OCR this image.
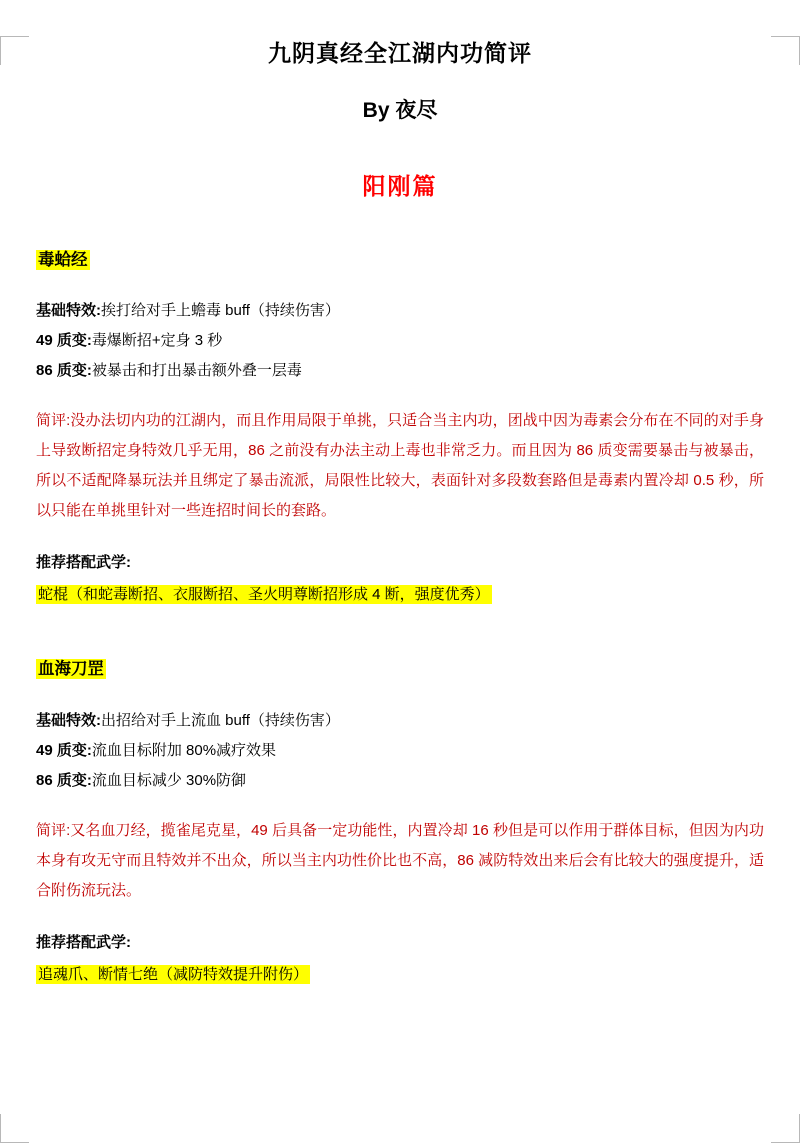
九阴真经全江湖内功简评
By 夜尽
阳刚篇
毒蛤经
基础特效:挨打给对手上蟾毒 buff（持续伤害）
49 质变:毒爆断招+定身 3 秒
86 质变:被暴击和打出暴击额外叠一层毒
简评:没办法切内功的江湖内，而且作用局限于单挑，只适合当主内功，团战中因为毒素会分布在不同的对手身上导致断招定身特效几乎无用，86 之前没有办法主动上毒也非常乏力。而且因为 86 质变需要暴击与被暴击，所以不适配降暴玩法并且绑定了暴击流派，局限性比较大，表面针对多段数套路但是毒素内置冷却 0.5 秒，所以只能在单挑里针对一些连招时间长的套路。
推荐搭配武学:
蛇棍（和蛇毒断招、衣服断招、圣火明尊断招形成 4 断，强度优秀）
血海刀罡
基础特效:出招给对手上流血 buff（持续伤害）
49 质变:流血目标附加 80%减疗效果
86 质变:流血目标减少 30%防御
简评:又名血刀经，揽雀尾克星，49 后具备一定功能性，内置冷却 16 秒但是可以作用于群体目标，但因为内功本身有攻无守而且特效并不出众，所以当主内功性价比也不高，86 减防特效出来后会有比较大的强度提升，适合附伤流玩法。
推荐搭配武学:
追魂爪、断情七绝（减防特效提升附伤）
